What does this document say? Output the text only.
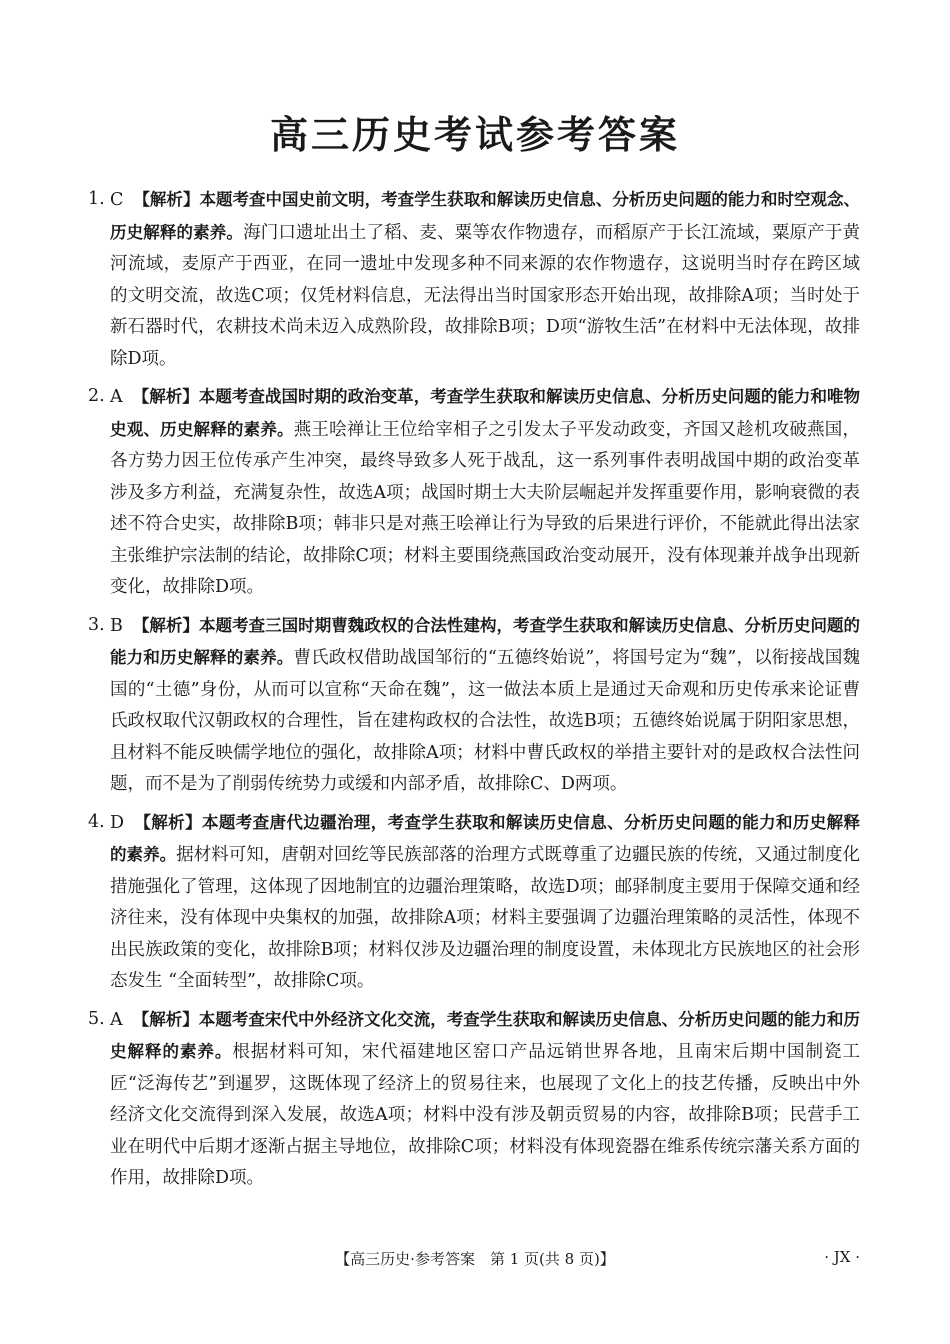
高三历史考试参考答案
1. C 【解析】本题考查中国史前文明，考查学生获取和解读历史信息、分析历史问题的能力和时空观念、历史解释的素养。海门口遗址出土了稻、麦、粟等农作物遗存，而稻原产于长江流域，粟原产于黄河流域，麦原产于西亚，在同一遗址中发现多种不同来源的农作物遗存，这说明当时存在跨区域的文明交流，故选C项；仅凭材料信息，无法得出当时国家形态开始出现，故排除A项；当时处于新石器时代，农耕技术尚未迈入成熟阶段，故排除B项；D项“游牧生活”在材料中无法体现，故排除D项。
2. A 【解析】本题考查战国时期的政治变革，考查学生获取和解读历史信息、分析历史问题的能力和唯物史观、历史解释的素养。燕王哙禅让王位给宰相子之引发太子平发动政变，齐国又趁机攻破燕国，各方势力因王位传承产生冲突，最终导致多人死于战乱，这一系列事件表明战国中期的政治变革涉及多方利益，充满复杂性，故选A项；战国时期士大夫阶层崛起并发挥重要作用，影响衰微的表述不符合史实，故排除B项；韩非只是对燕王哙禅让行为导致的后果进行评价，不能就此得出法家主张维护宗法制的结论，故排除C项；材料主要围绕燕国政治变动展开，没有体现兼并战争出现新变化，故排除D项。
3. B 【解析】本题考查三国时期曹魏政权的合法性建构，考查学生获取和解读历史信息、分析历史问题的能力和历史解释的素养。曹氏政权借助战国邹衍的“五德终始说”，将国号定为“魏”，以衔接战国魏国的“土德”身份，从而可以宣称“天命在魏”，这一做法本质上是通过天命观和历史传承来论证曹氏政权取代汉朝政权的合理性，旨在建构政权的合法性，故选B项；五德终始说属于阴阳家思想，且材料不能反映儒学地位的强化，故排除A项；材料中曹氏政权的举措主要针对的是政权合法性问题，而不是为了削弱传统势力或缓和内部矛盾，故排除C、D两项。
4. D 【解析】本题考查唐代边疆治理，考查学生获取和解读历史信息、分析历史问题的能力和历史解释的素养。据材料可知，唐朝对回纥等民族部落的治理方式既尊重了边疆民族的传统，又通过制度化措施强化了管理，这体现了因地制宜的边疆治理策略，故选D项；邮驿制度主要用于保障交通和经济往来，没有体现中央集权的加强，故排除A项；材料主要强调了边疆治理策略的灵活性，体现不出民族政策的变化，故排除B项；材料仅涉及边疆治理的制度设置，未体现北方民族地区的社会形态发生 “全面转型”，故排除C项。
5. A 【解析】本题考查宋代中外经济文化交流，考查学生获取和解读历史信息、分析历史问题的能力和历史解释的素养。根据材料可知，宋代福建地区窑口产品远销世界各地，且南宋后期中国制瓷工匠“泛海传艺”到暹罗，这既体现了经济上的贸易往来，也展现了文化上的技艺传播，反映出中外经济文化交流得到深入发展，故选A项；材料中没有涉及朝贡贸易的内容，故排除B项；民营手工业在明代中后期才逐渐占据主导地位，故排除C项；材料没有体现瓷器在维系传统宗藩关系方面的作用，故排除D项。
【高三历史·参考答案　第 1 页(共 8 页)】	· JX ·
